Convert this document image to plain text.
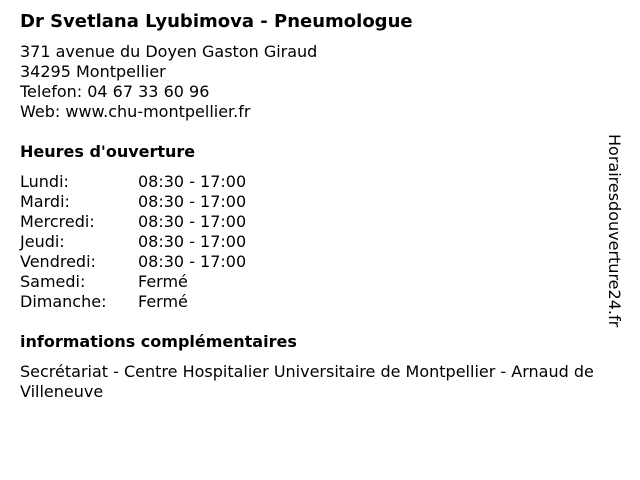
Dr Svetlana Lyubimova - Pneumologue
371 avenue du Doyen Gaston Giraud
34295 Montpellier
Telefon: 04 67 33 60 96
Web: www.chu-montpellier.fr
Heures d'ouverture
Lundi:	08:30 - 17:00
Mardi:	08:30 - 17:00
Mercredi:	08:30 - 17:00
Jeudi:	08:30 - 17:00
Vendredi:	08:30 - 17:00
Samedi:	Fermé
Dimanche:	Fermé
informations complémentaires
Secrétariat - Centre Hospitalier Universitaire de Montpellier - Arnaud de Villeneuve
Horairesdouverture24.fr
